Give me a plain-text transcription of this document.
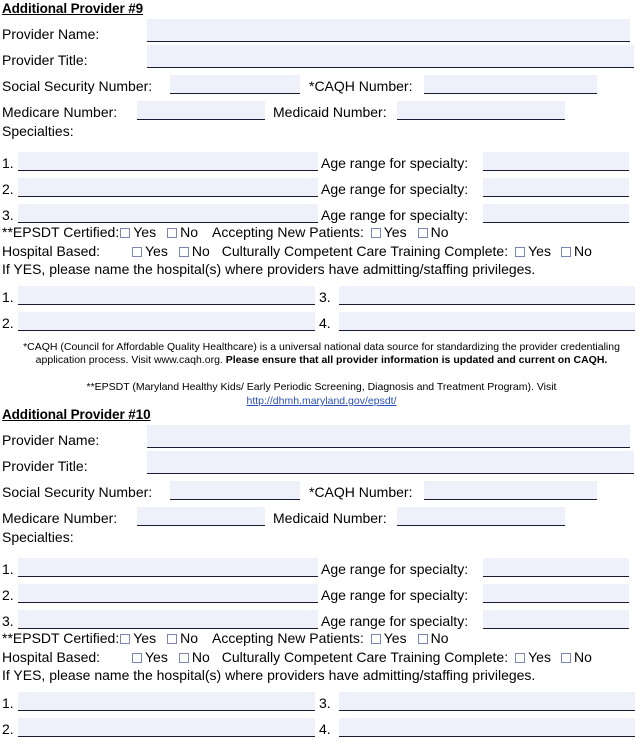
Additional Provider #9
Provider Name:
Provider Title:
Social Security Number:	*CAQH Number:
Medicare Number:	Medicaid Number:
Specialties:
1.	Age range for specialty:
2.	Age range for specialty:
3.	Age range for specialty:
**EPSDT Certified: Yes No Accepting New Patients: Yes No
Hospital Based:	Yes No Culturally Competent Care Training Complete: Yes No
If YES, please name the hospital(s) where providers have admitting/staffing privileges.
1.	3.
2.	4.
*CAQH (Council for Affordable Quality Healthcare) is a universal national data source for standardizing the provider credentialing
application process. Visit www.caqh.org. Please ensure that all provider information is updated and current on CAQH.
**EPSDT (Maryland Healthy Kids/ Early Periodic Screening, Diagnosis and Treatment Program). Visit
http://dhmh.maryland.gov/epsdt/
Additional Provider #10
Provider Name:
Provider Title:
Social Security Number:	*CAQH Number:
Medicare Number:	Medicaid Number:
Specialties:
1.	Age range for specialty:
2.	Age range for specialty:
3.	Age range for specialty:
**EPSDT Certified: Yes No Accepting New Patients: Yes No
Hospital Based:	Yes No Culturally Competent Care Training Complete: Yes No
If YES, please name the hospital(s) where providers have admitting/staffing privileges.
1.	3.
2.	4.
